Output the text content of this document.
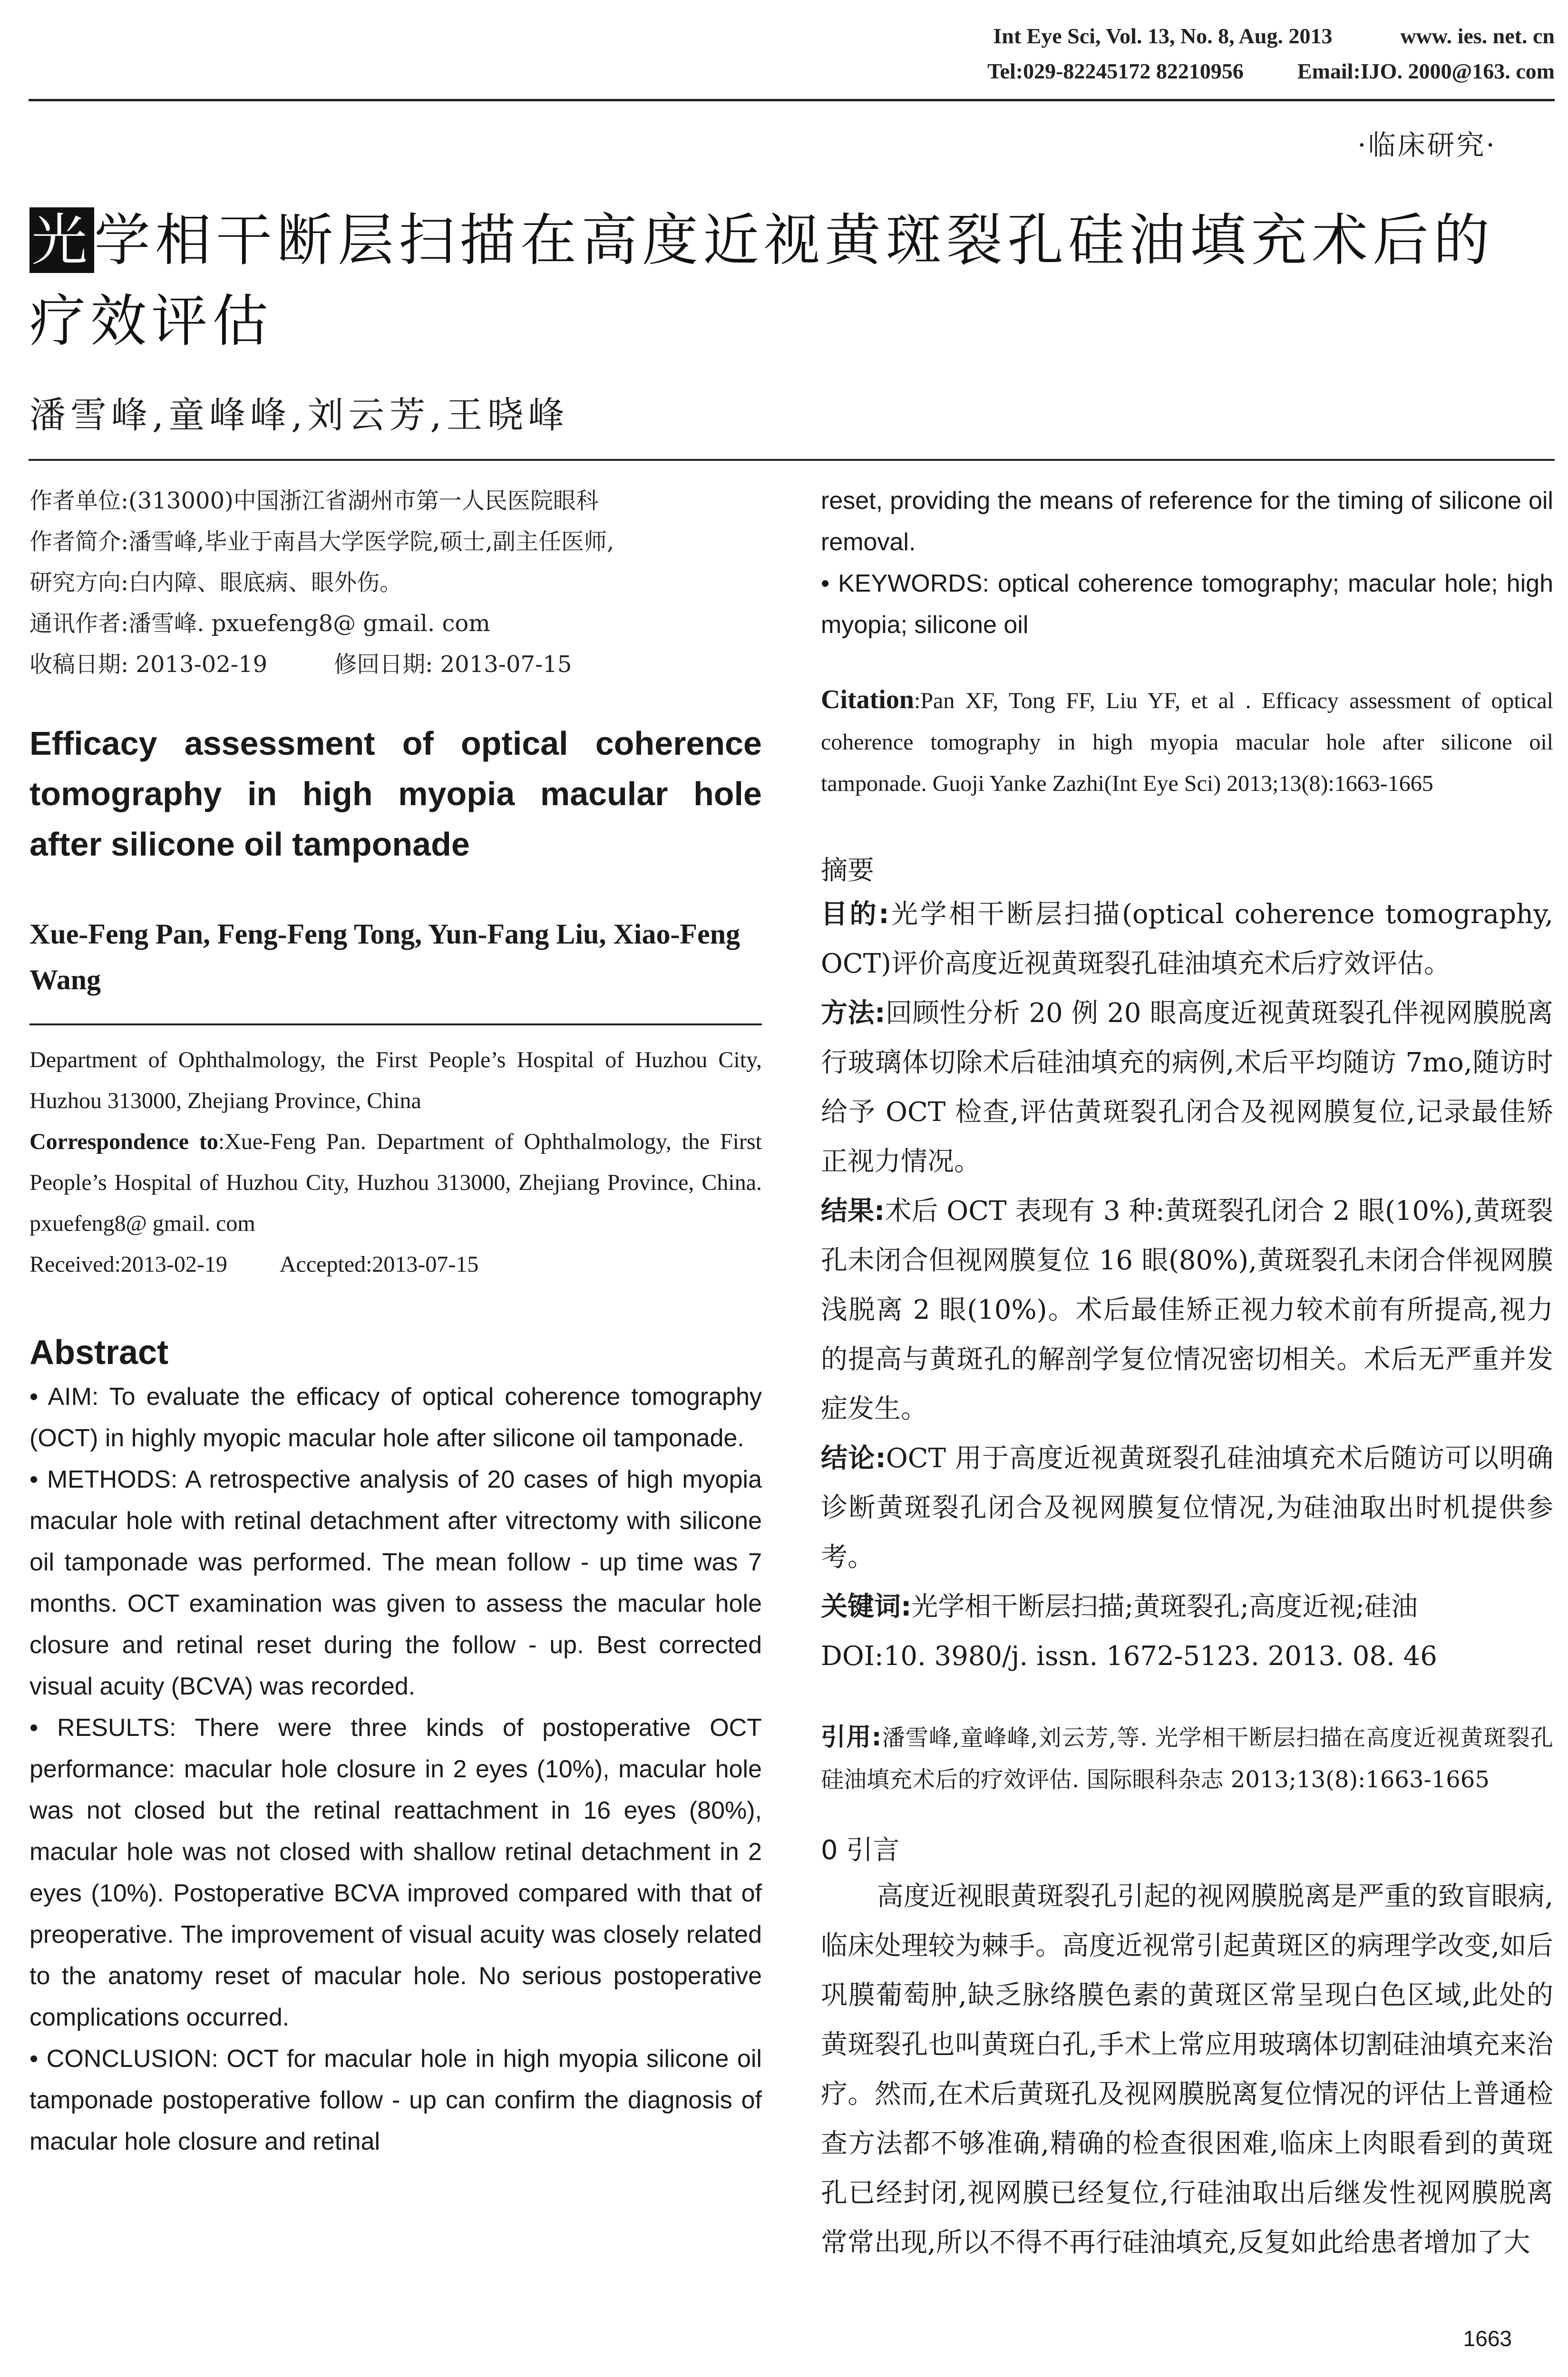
Int Eye Sci, Vol. 13, No. 8, Aug. 2013	www. ies. net. cn
Tel:029-82245172 82210956 Email:IJO. 2000@163. com
·临床研究·
光学相干断层扫描在高度近视黄斑裂孔硅油填充术后的疗效评估
潘雪峰,童峰峰,刘云芳,王晓峰
作者单位:(313000)中国浙江省湖州市第一人民医院眼科
作者简介:潘雪峰,毕业于南昌大学医学院,硕士,副主任医师,
研究方向:白内障、眼底病、眼外伤。
通讯作者:潘雪峰. pxuefeng8@ gmail. com
收稿日期: 2013-02-19	修回日期: 2013-07-15
Efficacy assessment of optical coherence tomography in high myopia macular hole after silicone oil tamponade
Xue-Feng Pan, Feng-Feng Tong, Yun-Fang Liu, Xiao-Feng Wang
Department of Ophthalmology, the First People’s Hospital of Huzhou City, Huzhou 313000, Zhejiang Province, China
Correspondence to:Xue-Feng Pan. Department of Ophthalmology, the First People’s Hospital of Huzhou City, Huzhou 313000, Zhejiang Province, China. pxuefeng8@ gmail. com
Received:2013-02-19 Accepted:2013-07-15
Abstract

• AIM: To evaluate the efficacy of optical coherence tomography (OCT) in highly myopic macular hole after silicone oil tamponade.

• METHODS: A retrospective analysis of 20 cases of high myopia macular hole with retinal detachment after vitrectomy with silicone oil tamponade was performed. The mean follow - up time was 7 months. OCT examination was given to assess the macular hole closure and retinal reset during the follow - up. Best corrected visual acuity (BCVA) was recorded.

• RESULTS: There were three kinds of postoperative OCT performance: macular hole closure in 2 eyes (10%), macular hole was not closed but the retinal reattachment in 16 eyes (80%), macular hole was not closed with shallow retinal detachment in 2 eyes (10%). Postoperative BCVA improved compared with that of preoperative. The improvement of visual acuity was closely related to the anatomy reset of macular hole. No serious postoperative complications occurred.

• CONCLUSION: OCT for macular hole in high myopia silicone oil tamponade postoperative follow - up can confirm the diagnosis of macular hole closure and retinal

reset, providing the means of reference for the timing of silicone oil removal.

• KEYWORDS: optical coherence tomography; macular hole; high myopia; silicone oil

Citation:Pan XF, Tong FF, Liu YF, et al . Efficacy assessment of optical coherence tomography in high myopia macular hole after silicone oil tamponade. Guoji Yanke Zazhi(Int Eye Sci) 2013;13(8):1663-1665
摘要

目的:光学相干断层扫描(optical coherence tomography, OCT)评价高度近视黄斑裂孔硅油填充术后疗效评估。

方法:回顾性分析 20 例 20 眼高度近视黄斑裂孔伴视网膜脱离行玻璃体切除术后硅油填充的病例,术后平均随访 7mo,随访时给予 OCT 检查,评估黄斑裂孔闭合及视网膜复位,记录最佳矫正视力情况。

结果:术后 OCT 表现有 3 种:黄斑裂孔闭合 2 眼(10%),黄斑裂孔未闭合但视网膜复位 16 眼(80%),黄斑裂孔未闭合伴视网膜浅脱离 2 眼(10%)。术后最佳矫正视力较术前有所提高,视力的提高与黄斑孔的解剖学复位情况密切相关。术后无严重并发症发生。

结论:OCT 用于高度近视黄斑裂孔硅油填充术后随访可以明确诊断黄斑裂孔闭合及视网膜复位情况,为硅油取出时机提供参考。

关键词:光学相干断层扫描;黄斑裂孔;高度近视;硅油

DOI:10. 3980/j. issn. 1672-5123. 2013. 08. 46

引用:潘雪峰,童峰峰,刘云芳,等. 光学相干断层扫描在高度近视黄斑裂孔硅油填充术后的疗效评估. 国际眼科杂志 2013;13(8):1663-1665
0 引言

高度近视眼黄斑裂孔引起的视网膜脱离是严重的致盲眼病,临床处理较为棘手。高度近视常引起黄斑区的病理学改变,如后巩膜葡萄肿,缺乏脉络膜色素的黄斑区常呈现白色区域,此处的黄斑裂孔也叫黄斑白孔,手术上常应用玻璃体切割硅油填充来治疗。然而,在术后黄斑孔及视网膜脱离复位情况的评估上普通检查方法都不够准确,精确的检查很困难,临床上肉眼看到的黄斑孔已经封闭,视网膜已经复位,行硅油取出后继发性视网膜脱离常常出现,所以不得不再行硅油填充,反复如此给患者增加了大

1663
